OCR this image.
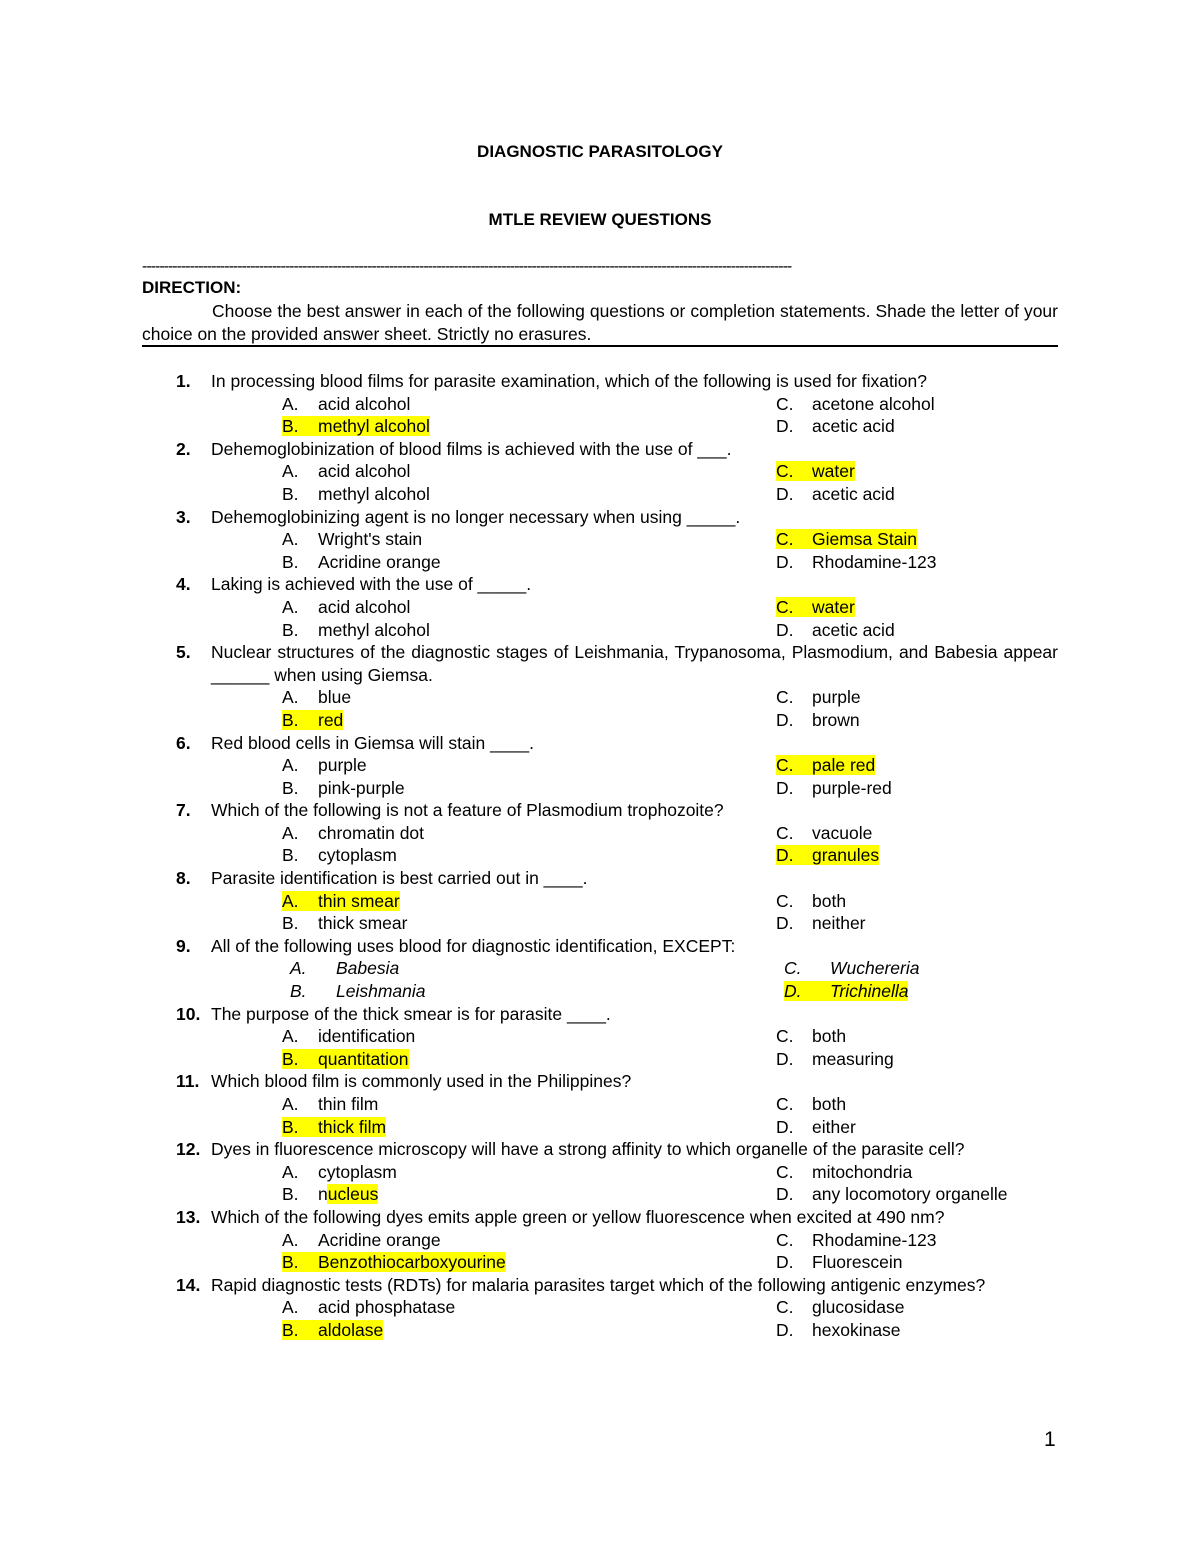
DIAGNOSTIC PARASITOLOGY
MTLE REVIEW QUESTIONS
------------------------------------------------------------------------------------------------------------------------------------------------------
DIRECTION:
Choose the best answer in each of the following questions or completion statements. Shade the letter of your choice on the provided answer sheet. Strictly no erasures.
1. In processing blood films for parasite examination, which of the following is used for fixation?
A. acid alcohol	C. acetone alcohol
B. methyl alcohol	D. acetic acid
2. Dehemoglobinization of blood films is achieved with the use of ___.
A. acid alcohol	C. water
B. methyl alcohol	D. acetic acid
3. Dehemoglobinizing agent is no longer necessary when using _____.
A. Wright's stain	C. Giemsa Stain
B. Acridine orange	D. Rhodamine-123
4. Laking is achieved with the use of _____.
A. acid alcohol	C. water
B. methyl alcohol	D. acetic acid
5. Nuclear structures of the diagnostic stages of Leishmania, Trypanosoma, Plasmodium, and Babesia appear ______ when using Giemsa.
A. blue	C. purple
B. red	D. brown
6. Red blood cells in Giemsa will stain ____.
A. purple	C. pale red
B. pink-purple	D. purple-red
7. Which of the following is not a feature of Plasmodium trophozoite?
A. chromatin dot	C. vacuole
B. cytoplasm	D. granules
8. Parasite identification is best carried out in ____.
A. thin smear	C. both
B. thick smear	D. neither
9. All of the following uses blood for diagnostic identification, EXCEPT:
A. Babesia	C. Wuchereria
B. Leishmania	D. Trichinella
10. The purpose of the thick smear is for parasite ____.
A. identification	C. both
B. quantitation	D. measuring
11. Which blood film is commonly used in the Philippines?
A. thin film	C. both
B. thick film	D. either
12. Dyes in fluorescence microscopy will have a strong affinity to which organelle of the parasite cell?
A. cytoplasm	C. mitochondria
B. nucleus	D. any locomotory organelle
13. Which of the following dyes emits apple green or yellow fluorescence when excited at 490 nm?
A. Acridine orange	C. Rhodamine-123
B. Benzothiocarboxyourine	D. Fluorescein
14. Rapid diagnostic tests (RDTs) for malaria parasites target which of the following antigenic enzymes?
A. acid phosphatase	C. glucosidase
B. aldolase	D. hexokinase
1
